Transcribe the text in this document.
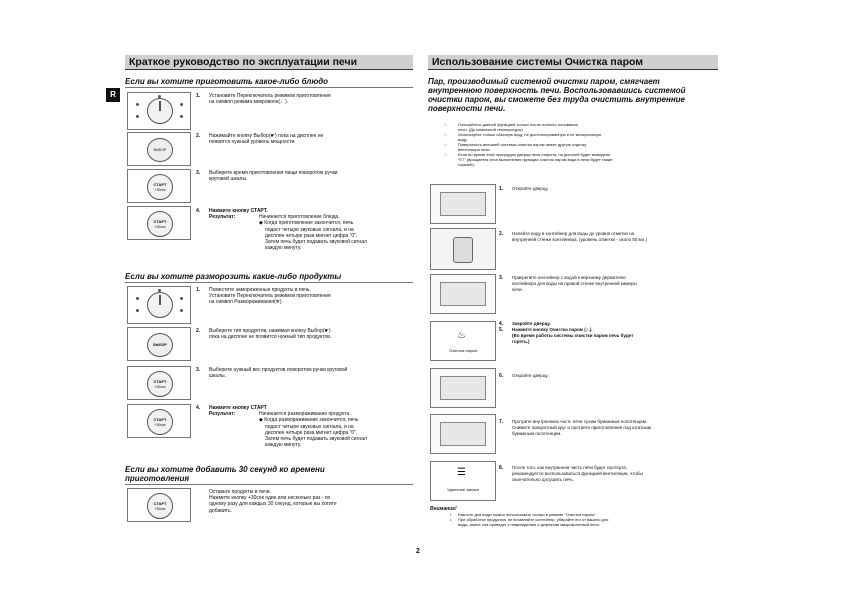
R
Краткое руководство по эксплуатации печи
Если вы хотите приготовить какое-либо блюдо
ВЫБОР
СТАРТ
+30сек
СТАРТ
+30сек
1. Установите Переключатель режимов приготовления
на символ режима микроволн(♩).
2. Нажимайте кнопку Выбор(☛) пока на дисплее не
появится нужный уровень мощности.
3. Выберите время приготовления пищи поворотом ручки
круговой шкалы.
4. Нажмите кнопку СТАРТ.
Результат:	Начинается приготовление блюда.
◆ Когда приготовление закончится, печь
подаст четыре звуковых сигнала, и на
дисплее четыре раза мигнет цифра "0".
Затем печь будет подавать звуковой сигнал
каждую минуту.
Если вы хотите разморозить какие-либо продукты
ВЫБОР
СТАРТ
+30сек
СТАРТ
+30сек
1. Поместите замороженные продукты в печь.
Установите Переключатель режимов приготовления
на символ Размораживания(❄).
2. Выберите тип продуктов, нажимая кнопку Выбор(☛)
пока на дисплее не появится нужный тип продуктов.
3. Выберите нужный вес продуктов поворотом ручки круговой
шкалы.
4. Нажмите кнопку СТАРТ
Результат:	Начинается размораживание продукта.
◆ Когда размораживание закончится, печь
подаст четыре звуковых сигнала, и на
дисплее четыре раза мигнет цифра "0".
Затем печь будет подавать звуковой сигнал
каждую минуту.
Если вы хотите добавить 30 секунд ко времени
приготовления
СТАРТ
+30сек
Оставьте продукты в печи.
Нажмите кнопку +30сек один или несколько раз - по
одному разу для каждых 30 секунд, которые вы хотите
добавить.
Использование системы Очистка паром
Пар, производимый системой очистки паром, смягчает
внутреннюю поверхность печи. Воспользовавшись системой
очистки паром, вы сможете без труда очистить внутренние
поверхности печи.
☞	Пользуйтесь данной функцией только после полного остывания
печи. (До комнатной температуры)
☞	Используйте только обычную воду, не дистиллированную и не минеральную
воду.
☞	Поверхность внешней системы очистки паром имеет другую отделку
вентиляции печи.
☞	Если во время этой процедуры дверца печи открыта, на дисплей будет выведено
"E7" (вращается игла выполнения функции очистки паром вода в печи будет также
горячей).
Очистка паром
♨
☰
Удаление запаха
1. Откройте дверцу.
2. Налейте воду в контейнер для воды до уровня отметки на
внутренней стенке контейнера. (уровень отметки - около 50 мл.)
3. Прикрепите контейнер с водой к верхнему держателю
контейнера для воды на правой стенке внутренней камеры
печи.
4. Закройте дверцу.
5. Нажмите кнопку Очистка паром (♨).
(Во время работы системы очистки паром печь будет
гореть.)
6. Откройте дверцу.
7. Протрите внутреннюю часть печи сухим бумажным полотенцем.
Снимите поворотный круг и протрите приготовления под штатным
бумажным полотенцем.
8. После того, как внутренняя часть печи будет протерта,
рекомендуется воспользоваться функцией вентиляции, чтобы
окончательно досушить печь.
Внимание!
• Емкость для воды можно использовать только в режиме "Очистка паром".
• При обработке продуктов, не вставляйте контейнер, убирайте его от вашего для
воды, иначе она приведет к повреждению и дефектам микроволновой печи.
2
